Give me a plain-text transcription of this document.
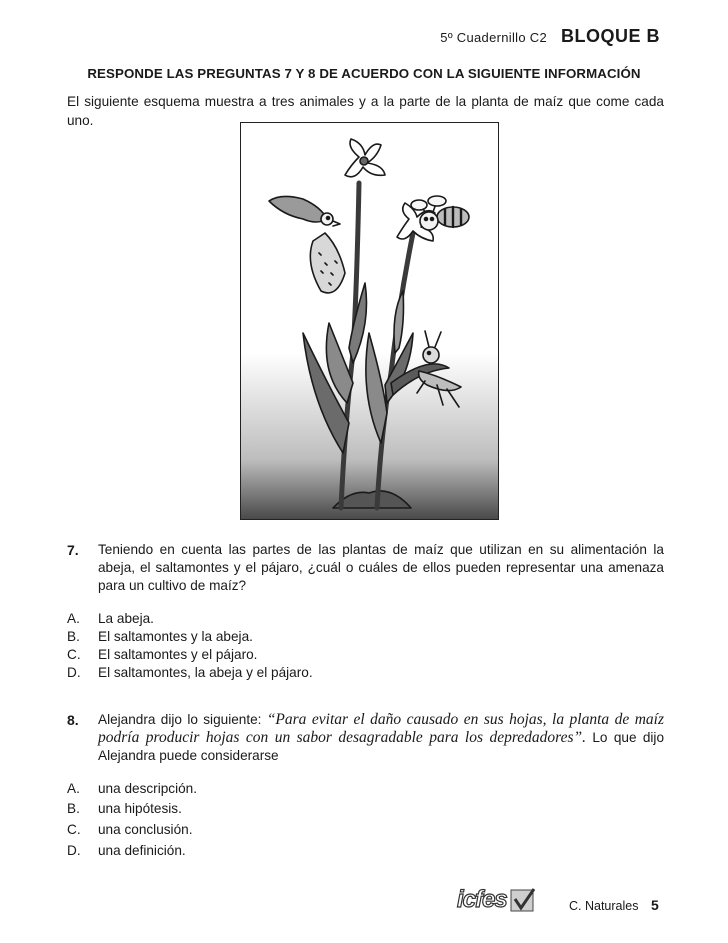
5º Cuadernillo C2 BLOQUE B
RESPONDE LAS PREGUNTAS 7 Y 8 DE ACUERDO CON LA SIGUIENTE INFORMACIÓN
El siguiente esquema muestra a tres animales y a la parte de la planta de maíz que come cada uno.
7. Teniendo en cuenta las partes de las plantas de maíz que utilizan en su alimentación la abeja, el saltamontes y el pájaro, ¿cuál o cuáles de ellos pueden representar una amenaza para un cultivo de maíz?
A. La abeja.
B. El saltamontes y la abeja.
C. El saltamontes y el pájaro.
D. El saltamontes, la abeja y el pájaro.
8. Alejandra dijo lo siguiente: “Para evitar el daño causado en sus hojas, la planta de maíz podría producir hojas con un sabor desagradable para los depredadores”. Lo que dijo Alejandra puede considerarse
A. una descripción.
B. una hipótesis.
C. una conclusión.
D. una definición.
icfes	C. Naturales 5
